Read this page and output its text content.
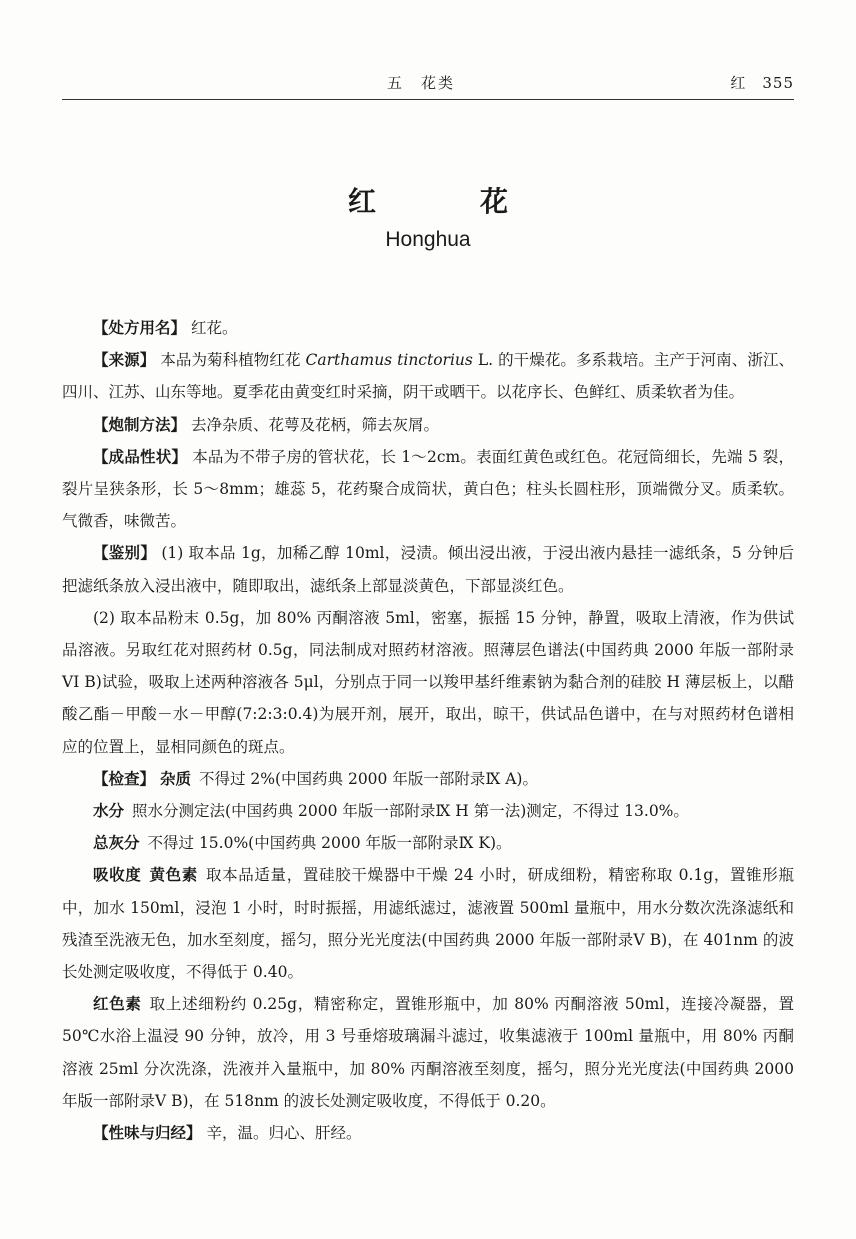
五　花类	红　355
红　花
Honghua

【处方用名】 红花。

【来源】 本品为菊科植物红花 Carthamus tinctorius L. 的干燥花。多系栽培。主产于河南、浙江、四川、江苏、山东等地。夏季花由黄变红时采摘，阴干或晒干。以花序长、色鲜红、质柔软者为佳。

【炮制方法】 去净杂质、花萼及花柄，筛去灰屑。

【成品性状】 本品为不带子房的管状花，长 1～2cm。表面红黄色或红色。花冠筒细长，先端 5 裂，裂片呈狭条形，长 5～8mm；雄蕊 5，花药聚合成筒状，黄白色；柱头长圆柱形，顶端微分叉。质柔软。气微香，味微苦。

【鉴别】 (1) 取本品 1g，加稀乙醇 10ml，浸渍。倾出浸出液，于浸出液内悬挂一滤纸条，5 分钟后把滤纸条放入浸出液中，随即取出，滤纸条上部显淡黄色，下部显淡红色。

(2) 取本品粉末 0.5g，加 80% 丙酮溶液 5ml，密塞，振摇 15 分钟，静置，吸取上清液，作为供试品溶液。另取红花对照药材 0.5g，同法制成对照药材溶液。照薄层色谱法(中国药典 2000 年版一部附录 VI B)试验，吸取上述两种溶液各 5μl，分别点于同一以羧甲基纤维素钠为黏合剂的硅胶 H 薄层板上，以醋酸乙酯－甲酸－水－甲醇(7:2:3:0.4)为展开剂，展开，取出，晾干，供试品色谱中，在与对照药材色谱相应的位置上，显相同颜色的斑点。

【检查】 杂质 不得过 2%(中国药典 2000 年版一部附录Ⅸ A)。

水分 照水分测定法(中国药典 2000 年版一部附录Ⅸ H 第一法)测定，不得过 13.0%。

总灰分 不得过 15.0%(中国药典 2000 年版一部附录Ⅸ K)。

吸收度 黄色素 取本品适量，置硅胶干燥器中干燥 24 小时，研成细粉，精密称取 0.1g，置锥形瓶中，加水 150ml，浸泡 1 小时，时时振摇，用滤纸滤过，滤液置 500ml 量瓶中，用水分数次洗涤滤纸和残渣至洗液无色，加水至刻度，摇匀，照分光光度法(中国药典 2000 年版一部附录Ⅴ B)，在 401nm 的波长处测定吸收度，不得低于 0.40。

红色素 取上述细粉约 0.25g，精密称定，置锥形瓶中，加 80% 丙酮溶液 50ml，连接冷凝器，置 50℃水浴上温浸 90 分钟，放冷，用 3 号垂熔玻璃漏斗滤过，收集滤液于 100ml 量瓶中，用 80% 丙酮溶液 25ml 分次洗涤，洗液并入量瓶中，加 80% 丙酮溶液至刻度，摇匀，照分光光度法(中国药典 2000 年版一部附录Ⅴ B)，在 518nm 的波长处测定吸收度，不得低于 0.20。

【性味与归经】 辛，温。归心、肝经。
